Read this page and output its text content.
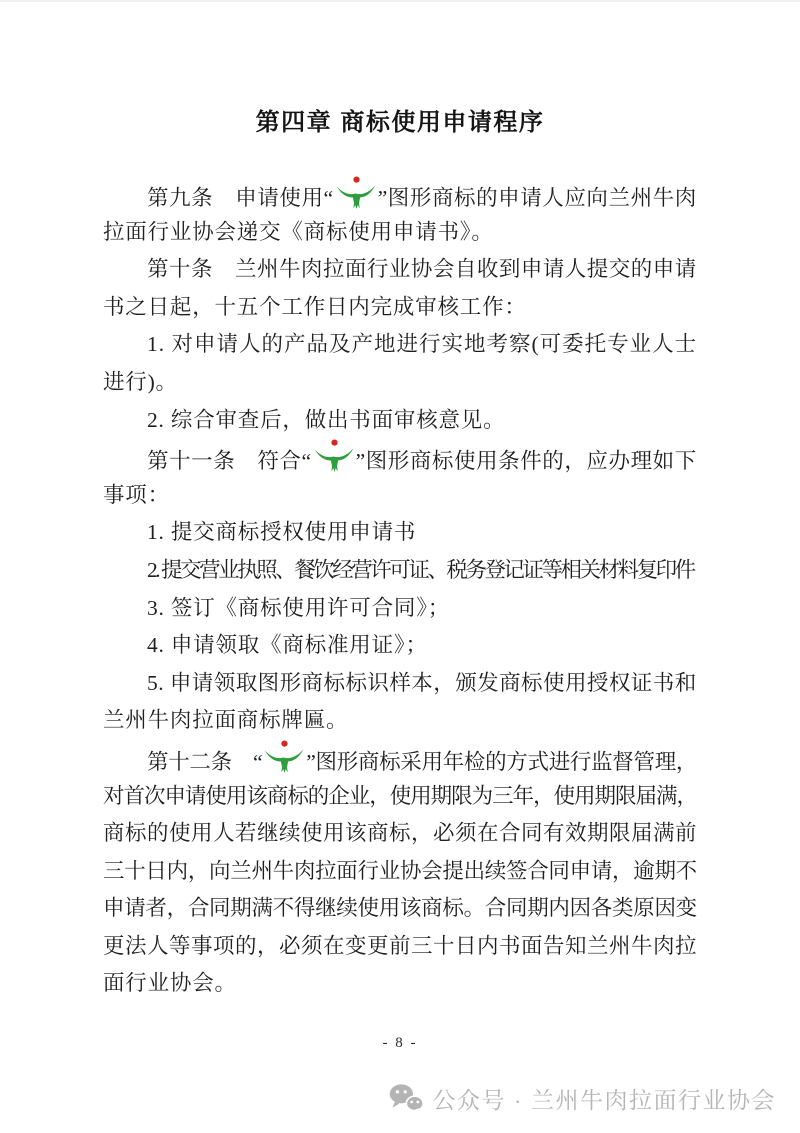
第四章 商标使用申请程序
第九条　申请使用“ ”图形商标的申请人应向兰州牛肉
拉面行业协会递交《商标使用申请书》。
第十条　兰州牛肉拉面行业协会自收到申请人提交的申请
书之日起，十五个工作日内完成审核工作：
1. 对申请人的产品及产地进行实地考察(可委托专业人士
进行)。
2. 综合审查后，做出书面审核意见。
第十一条　符合“ ”图形商标使用条件的，应办理如下
事项：
1. 提交商标授权使用申请书
2. 提交营业执照、餐饮经营许可证、税务登记证等相关材料复印件
3. 签订《商标使用许可合同》；
4. 申请领取《商标准用证》；
5. 申请领取图形商标标识样本，颁发商标使用授权证书和
兰州牛肉拉面商标牌匾。
第十二条　“ ”图形商标采用年检的方式进行监督管理，
对首次申请使用该商标的企业，使用期限为三年，使用期限届满，
商标的使用人若继续使用该商标，必须在合同有效期限届满前
三十日内，向兰州牛肉拉面行业协会提出续签合同申请，逾期不
申请者，合同期满不得继续使用该商标。合同期内因各类原因变
更法人等事项的，必须在变更前三十日内书面告知兰州牛肉拉
面行业协会。
- 8 -
公众号 · 兰州牛肉拉面行业协会
